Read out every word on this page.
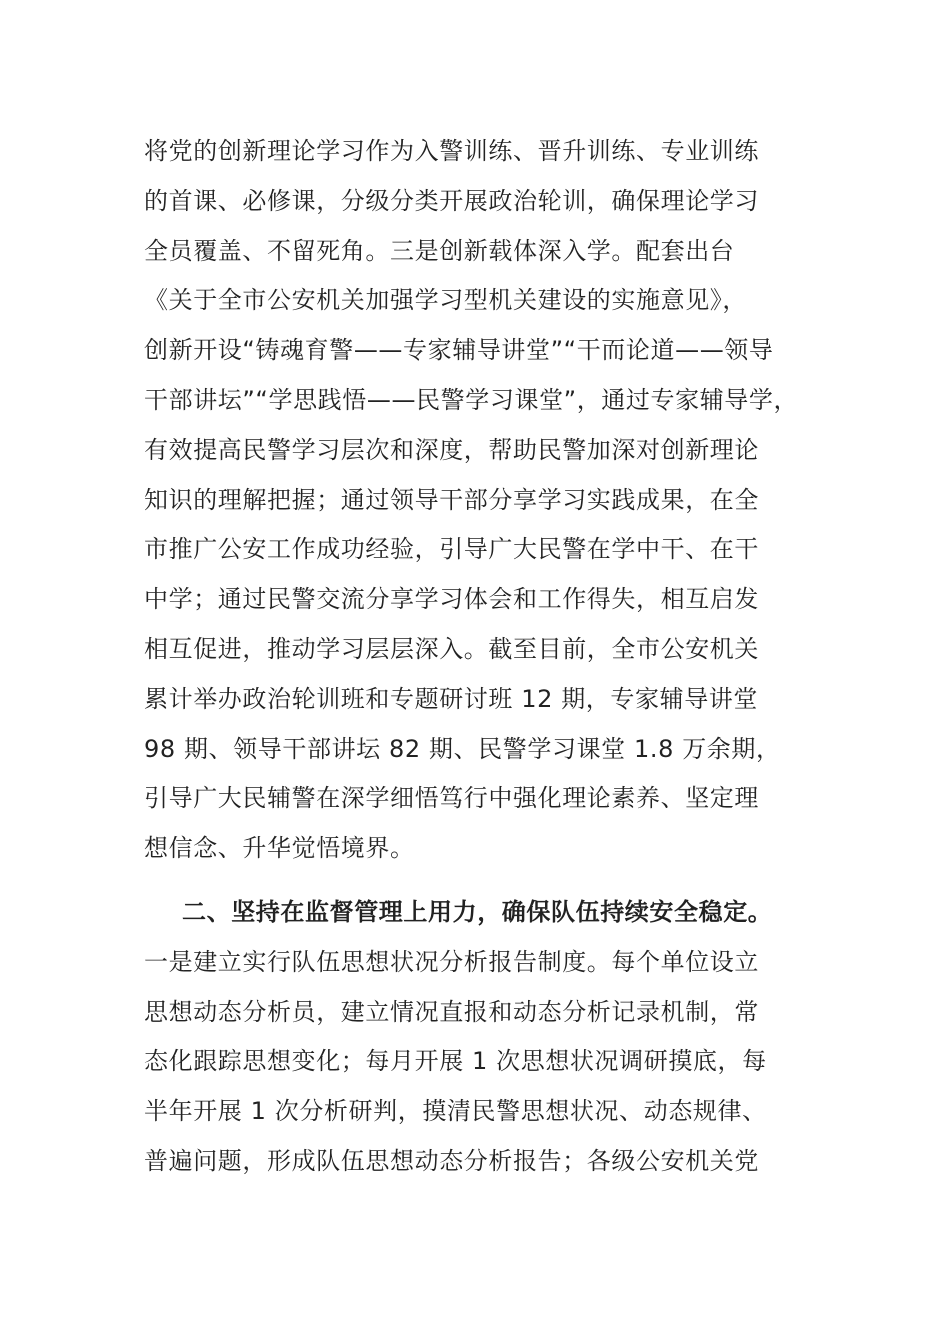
将党的创新理论学习作为入警训练、晋升训练、专业训练
的首课、必修课，分级分类开展政治轮训，确保理论学习
全员覆盖、不留死角。三是创新载体深入学。配套出台
《关于全市公安机关加强学习型机关建设的实施意见》，
创新开设“铸魂育警——专家辅导讲堂”“干而论道——领导
干部讲坛”“学思践悟——民警学习课堂”，通过专家辅导学，
有效提高民警学习层次和深度，帮助民警加深对创新理论
知识的理解把握；通过领导干部分享学习实践成果，在全
市推广公安工作成功经验，引导广大民警在学中干、在干
中学；通过民警交流分享学习体会和工作得失，相互启发
相互促进，推动学习层层深入。截至目前，全市公安机关
累计举办政治轮训班和专题研讨班 12 期，专家辅导讲堂
98 期、领导干部讲坛 82 期、民警学习课堂 1.8 万余期，
引导广大民辅警在深学细悟笃行中强化理论素养、坚定理
想信念、升华觉悟境界。
二、坚持在监督管理上用力，确保队伍持续安全稳定。
一是建立实行队伍思想状况分析报告制度。每个单位设立
思想动态分析员，建立情况直报和动态分析记录机制，常
态化跟踪思想变化；每月开展 1 次思想状况调研摸底，每
半年开展 1 次分析研判，摸清民警思想状况、动态规律、
普遍问题，形成队伍思想动态分析报告；各级公安机关党
